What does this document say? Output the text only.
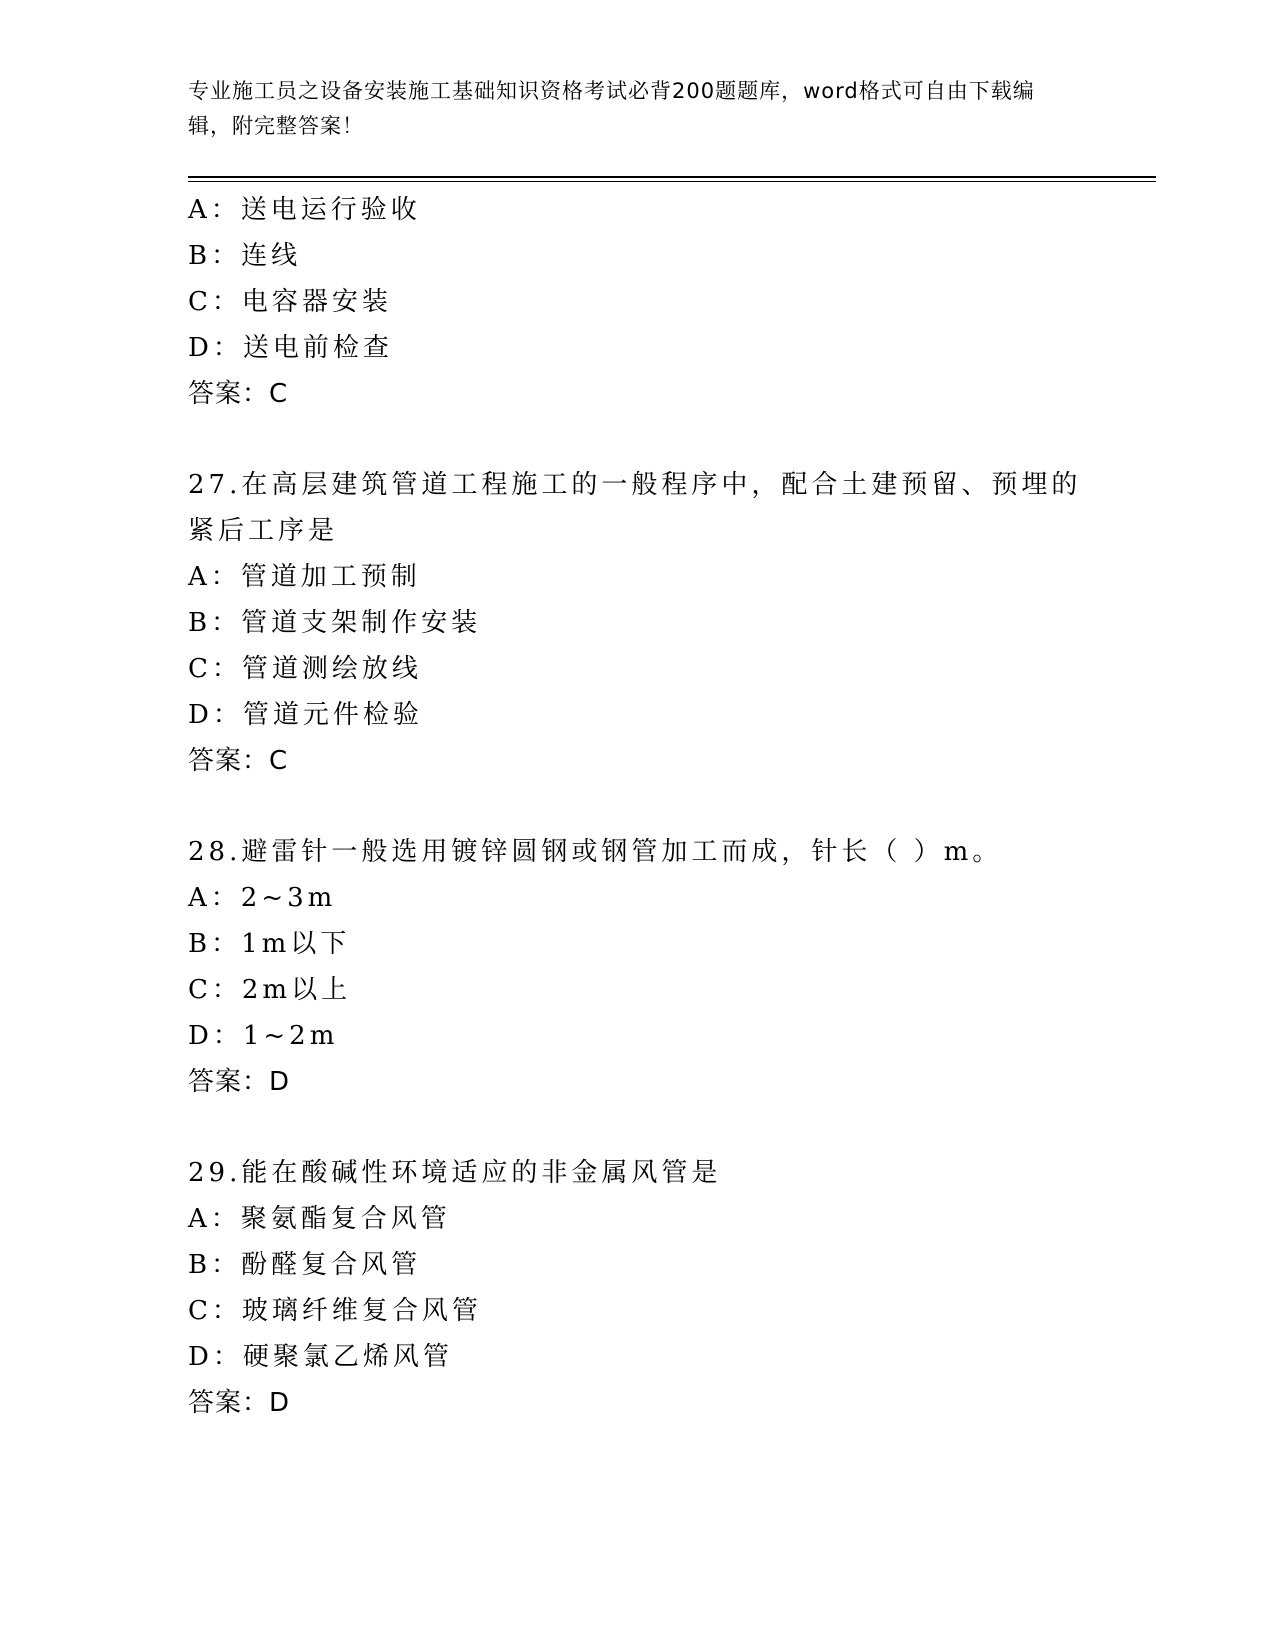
专业施工员之设备安装施工基础知识资格考试必背200题题库，word格式可自由下载编辑，附完整答案！
A：送电运行验收
B：连线
C：电容器安装
D：送电前检查
答案：C
27.在高层建筑管道工程施工的一般程序中，配合土建预留、预埋的紧后工序是
A：管道加工预制
B：管道支架制作安装
C：管道测绘放线
D：管道元件检验
答案：C
28.避雷针一般选用镀锌圆钢或钢管加工而成，针长（ ）m。
A：2~3m
B：1m以下
C：2m以上
D：1~2m
答案：D
29.能在酸碱性环境适应的非金属风管是
A：聚氨酯复合风管
B：酚醛复合风管
C：玻璃纤维复合风管
D：硬聚氯乙烯风管
答案：D
